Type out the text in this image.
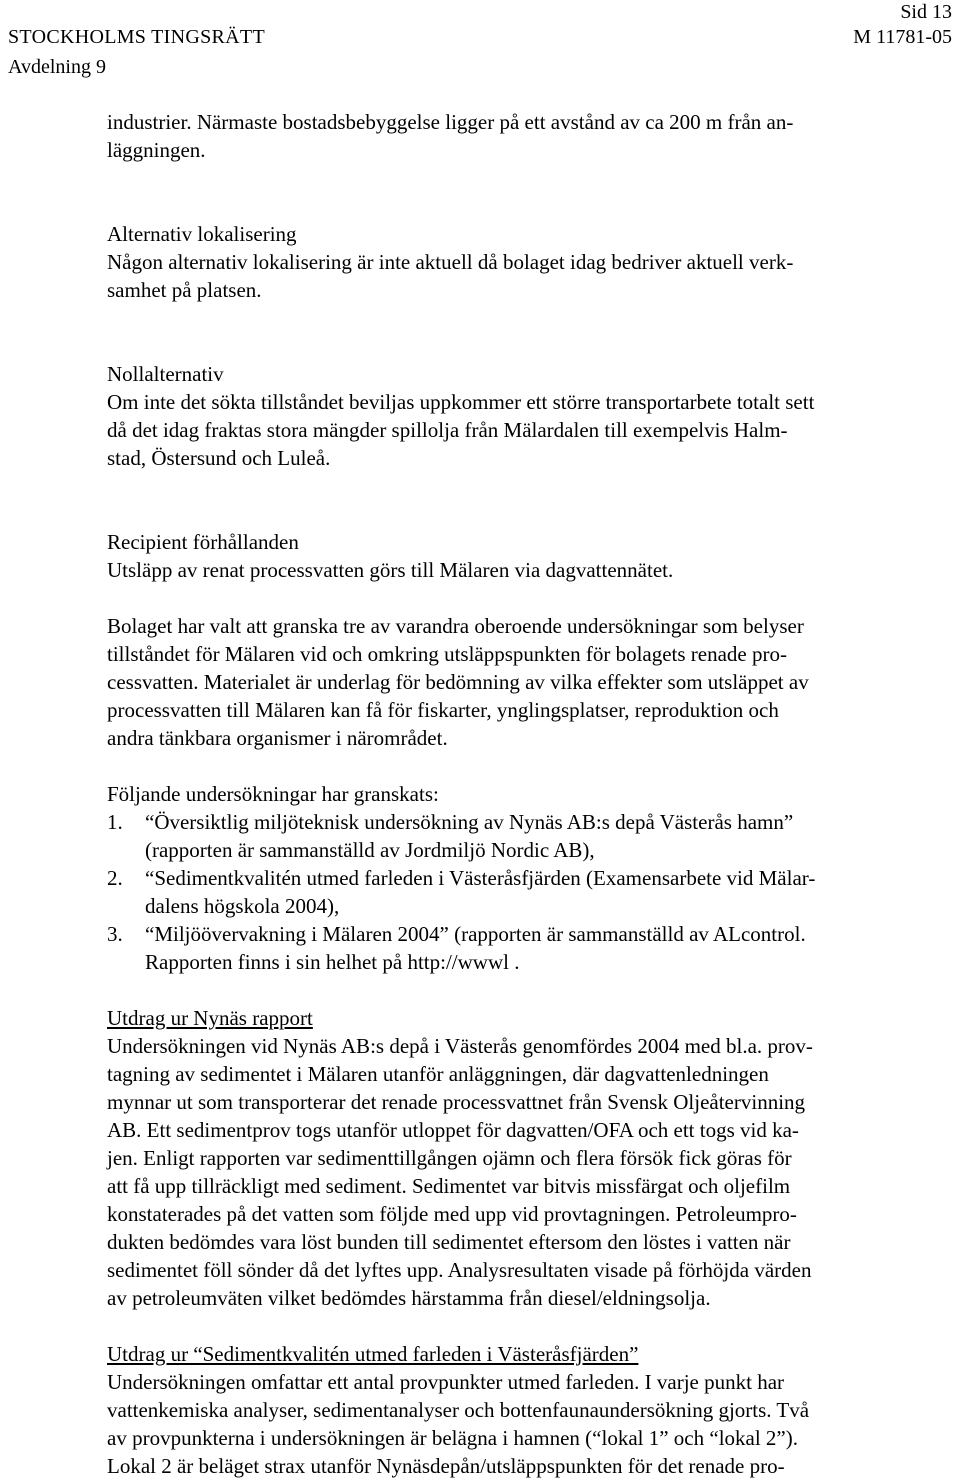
STOCKHOLMS TINGSRÄTT
Avdelning 9
Sid 13
M 11781-05

industrier. Närmaste bostadsbebyggelse ligger på ett avstånd av ca 200 m från an-
läggningen.

Alternativ lokalisering
Någon alternativ lokalisering är inte aktuell då bolaget idag bedriver aktuell verk-
samhet på platsen.

Nollalternativ
Om inte det sökta tillståndet beviljas uppkommer ett större transportarbete totalt sett
då det idag fraktas stora mängder spillolja från Mälardalen till exempelvis Halm-
stad, Östersund och Luleå.

Recipient förhållanden
Utsläpp av renat processvatten görs till Mälaren via dagvattennätet.

Bolaget har valt att granska tre av varandra oberoende undersökningar som belyser
tillståndet för Mälaren vid och omkring utsläppspunkten för bolagets renade pro-
cessvatten. Materialet är underlag för bedömning av vilka effekter som utsläppet av
processvatten till Mälaren kan få för fiskarter, ynglingsplatser, reproduktion och
andra tänkbara organismer i närområdet.

Följande undersökningar har granskats:
1. “Översiktlig miljöteknisk undersökning av Nynäs AB:s depå Västerås hamn”
(rapporten är sammanställd av Jordmiljö Nordic AB),
2. “Sedimentkvalitén utmed farleden i Västeråsfjärden (Examensarbete vid Mälar-
dalens högskola 2004),
3. “Miljöövervakning i Mälaren 2004” (rapporten är sammanställd av ALcontrol.
Rapporten finns i sin helhet på http://wwwl .

Utdrag ur Nynäs rapport
Undersökningen vid Nynäs AB:s depå i Västerås genomfördes 2004 med bl.a. prov-
tagning av sedimentet i Mälaren utanför anläggningen, där dagvattenledningen
mynnar ut som transporterar det renade processvattnet från Svensk Oljeåtervinning
AB. Ett sedimentprov togs utanför utloppet för dagvatten/OFA och ett togs vid ka-
jen. Enligt rapporten var sedimenttillgången ojämn och flera försök fick göras för
att få upp tillräckligt med sediment. Sedimentet var bitvis missfärgat och oljefilm
konstaterades på det vatten som följde med upp vid provtagningen. Petroleumpro-
dukten bedömdes vara löst bunden till sedimentet eftersom den löstes i vatten när
sedimentet föll sönder då det lyftes upp. Analysresultaten visade på förhöjda värden
av petroleumväten vilket bedömdes härstamma från diesel/eldningsolja.

Utdrag ur “Sedimentkvalitén utmed farleden i Västeråsfjärden”
Undersökningen omfattar ett antal provpunkter utmed farleden. I varje punkt har
vattenkemiska analyser, sedimentanalyser och bottenfaunaundersökning gjorts. Två
av provpunkterna i undersökningen är belägna i hamnen (“lokal 1” och “lokal 2”).
Lokal 2 är beläget strax utanför Nynäsdepån/utsläppspunkten för det renade pro-
